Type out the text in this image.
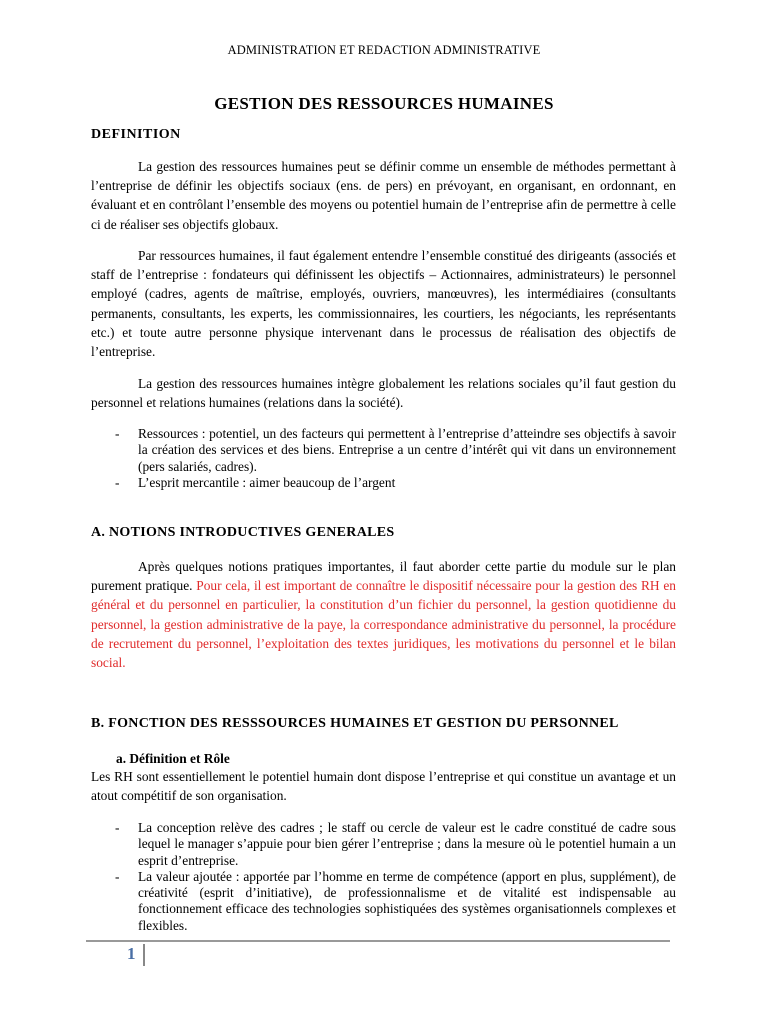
ADMINISTRATION ET REDACTION ADMINISTRATIVE
GESTION DES RESSOURCES HUMAINES
DEFINITION

La gestion des ressources humaines peut se définir comme un ensemble de méthodes permettant à l’entreprise de définir les objectifs sociaux (ens. de pers) en prévoyant, en organisant, en ordonnant, en évaluant et en contrôlant l’ensemble des moyens ou potentiel humain de l’entreprise afin de permettre à celle ci de réaliser ses objectifs globaux.

Par ressources humaines, il faut également entendre l’ensemble constitué des dirigeants (associés et staff de l’entreprise : fondateurs qui définissent les objectifs – Actionnaires, administrateurs) le personnel employé (cadres, agents de maîtrise, employés, ouvriers, manœuvres), les intermédiaires (consultants permanents, consultants, les experts, les commissionnaires, les courtiers, les négociants, les représentants etc.) et toute autre personne physique intervenant dans le processus de réalisation des objectifs de l’entreprise.

La gestion des ressources humaines intègre globalement les relations sociales qu’il faut gestion du personnel et relations humaines (relations dans la société).

- Ressources : potentiel, un des facteurs qui permettent à l’entreprise d’atteindre ses objectifs à savoir la création des services et des biens. Entreprise a un centre d’intérêt qui vit dans un environnement (pers salariés, cadres).
- L’esprit mercantile : aimer beaucoup de l’argent
A. NOTIONS INTRODUCTIVES GENERALES

Après quelques notions pratiques importantes, il faut aborder cette partie du module sur le plan purement pratique. Pour cela, il est important de connaître le dispositif nécessaire pour la gestion des RH en général et du personnel en particulier, la constitution d’un fichier du personnel, la gestion quotidienne du personnel, la gestion administrative de la paye, la correspondance administrative du personnel, la procédure de recrutement du personnel, l’exploitation des textes juridiques, les motivations du personnel et le bilan social.

B. FONCTION DES RESSSOURCES HUMAINES ET GESTION DU PERSONNEL
a. Définition et Rôle

Les RH sont essentiellement le potentiel humain dont dispose l’entreprise et qui constitue un avantage et un atout compétitif de son organisation.

- La conception relève des cadres ; le staff ou cercle de valeur est le cadre constitué de cadre sous lequel le manager s’appuie pour bien gérer l’entreprise ; dans la mesure où le potentiel humain a un esprit d’entreprise.
- La valeur ajoutée : apportée par l’homme en terme de compétence (apport en plus, supplément), de créativité (esprit d’initiative), de professionnalisme et de vitalité est indispensable au fonctionnement efficace des technologies sophistiquées des systèmes organisationnels complexes et flexibles.
1
